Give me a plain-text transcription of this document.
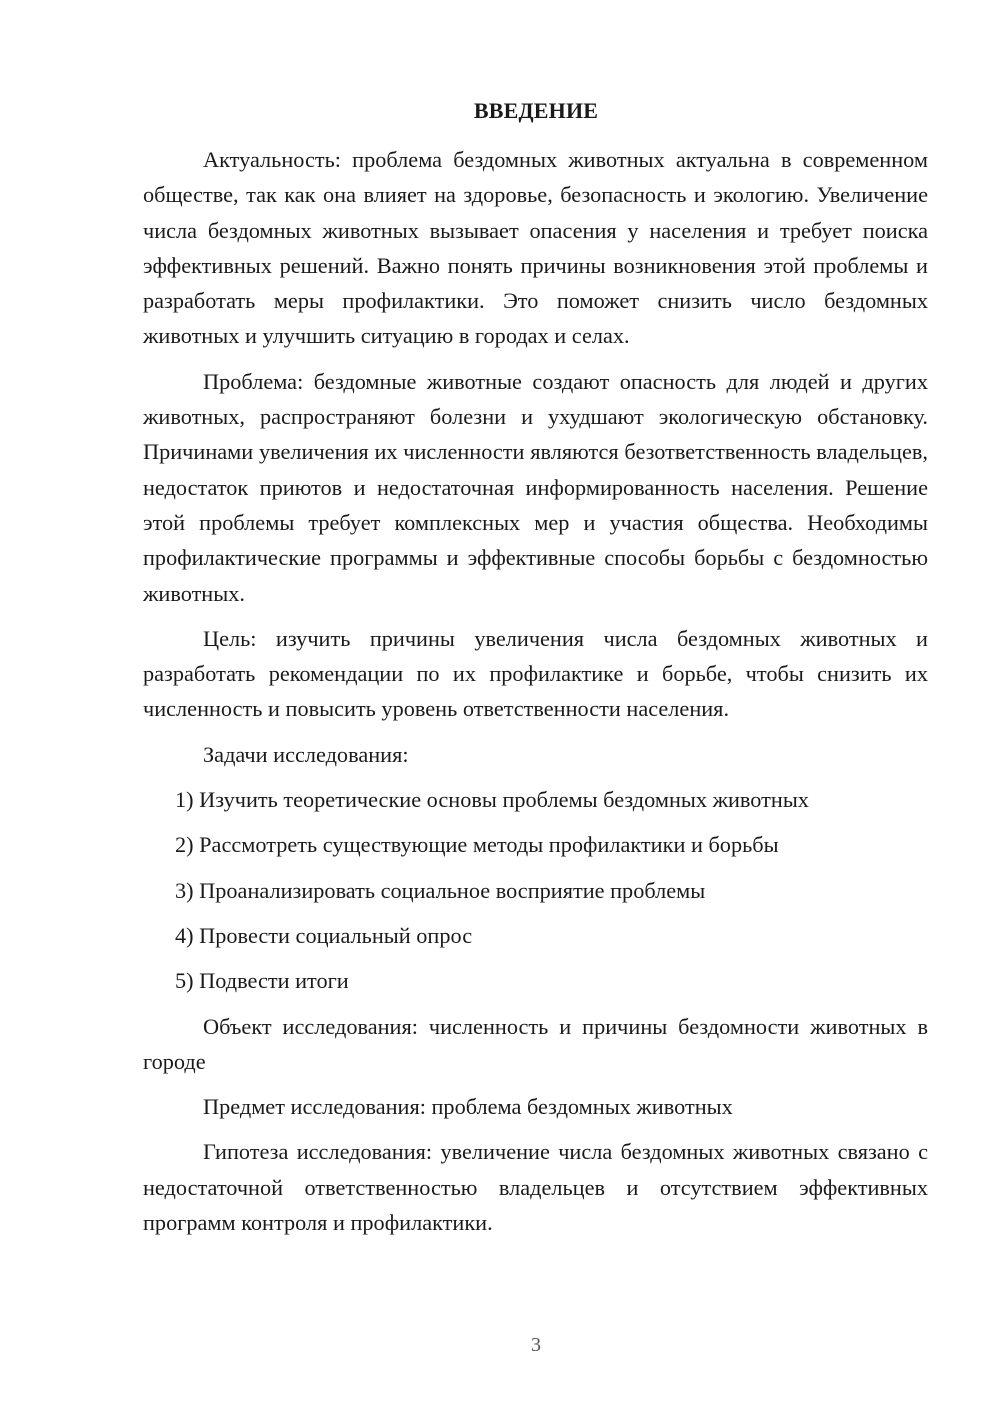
ВВЕДЕНИЕ

Актуальность: проблема бездомных животных актуальна в современном обществе, так как она влияет на здоровье, безопасность и экологию. Увеличение числа бездомных животных вызывает опасения у населения и требует поиска эффективных решений. Важно понять причины возникновения этой проблемы и разработать меры профилактики. Это поможет снизить число бездомных животных и улучшить ситуацию в городах и селах.

Проблема: бездомные животные создают опасность для людей и других животных, распространяют болезни и ухудшают экологическую обстановку. Причинами увеличения их численности являются безответственность владельцев, недостаток приютов и недостаточная информированность населения. Решение этой проблемы требует комплексных мер и участия общества. Необходимы профилактические программы и эффективные способы борьбы с бездомностью животных.

Цель: изучить причины увеличения числа бездомных животных и разработать рекомендации по их профилактике и борьбе, чтобы снизить их численность и повысить уровень ответственности населения.

Задачи исследования:

1) Изучить теоретические основы проблемы бездомных животных
2) Рассмотреть существующие методы профилактики и борьбы
3) Проанализировать социальное восприятие проблемы
4) Провести социальный опрос
5) Подвести итоги

Объект исследования: численность и причины бездомности животных в городе

Предмет исследования: проблема бездомных животных

Гипотеза исследования: увеличение числа бездомных животных связано с недостаточной ответственностью владельцев и отсутствием эффективных программ контроля и профилактики.

3
